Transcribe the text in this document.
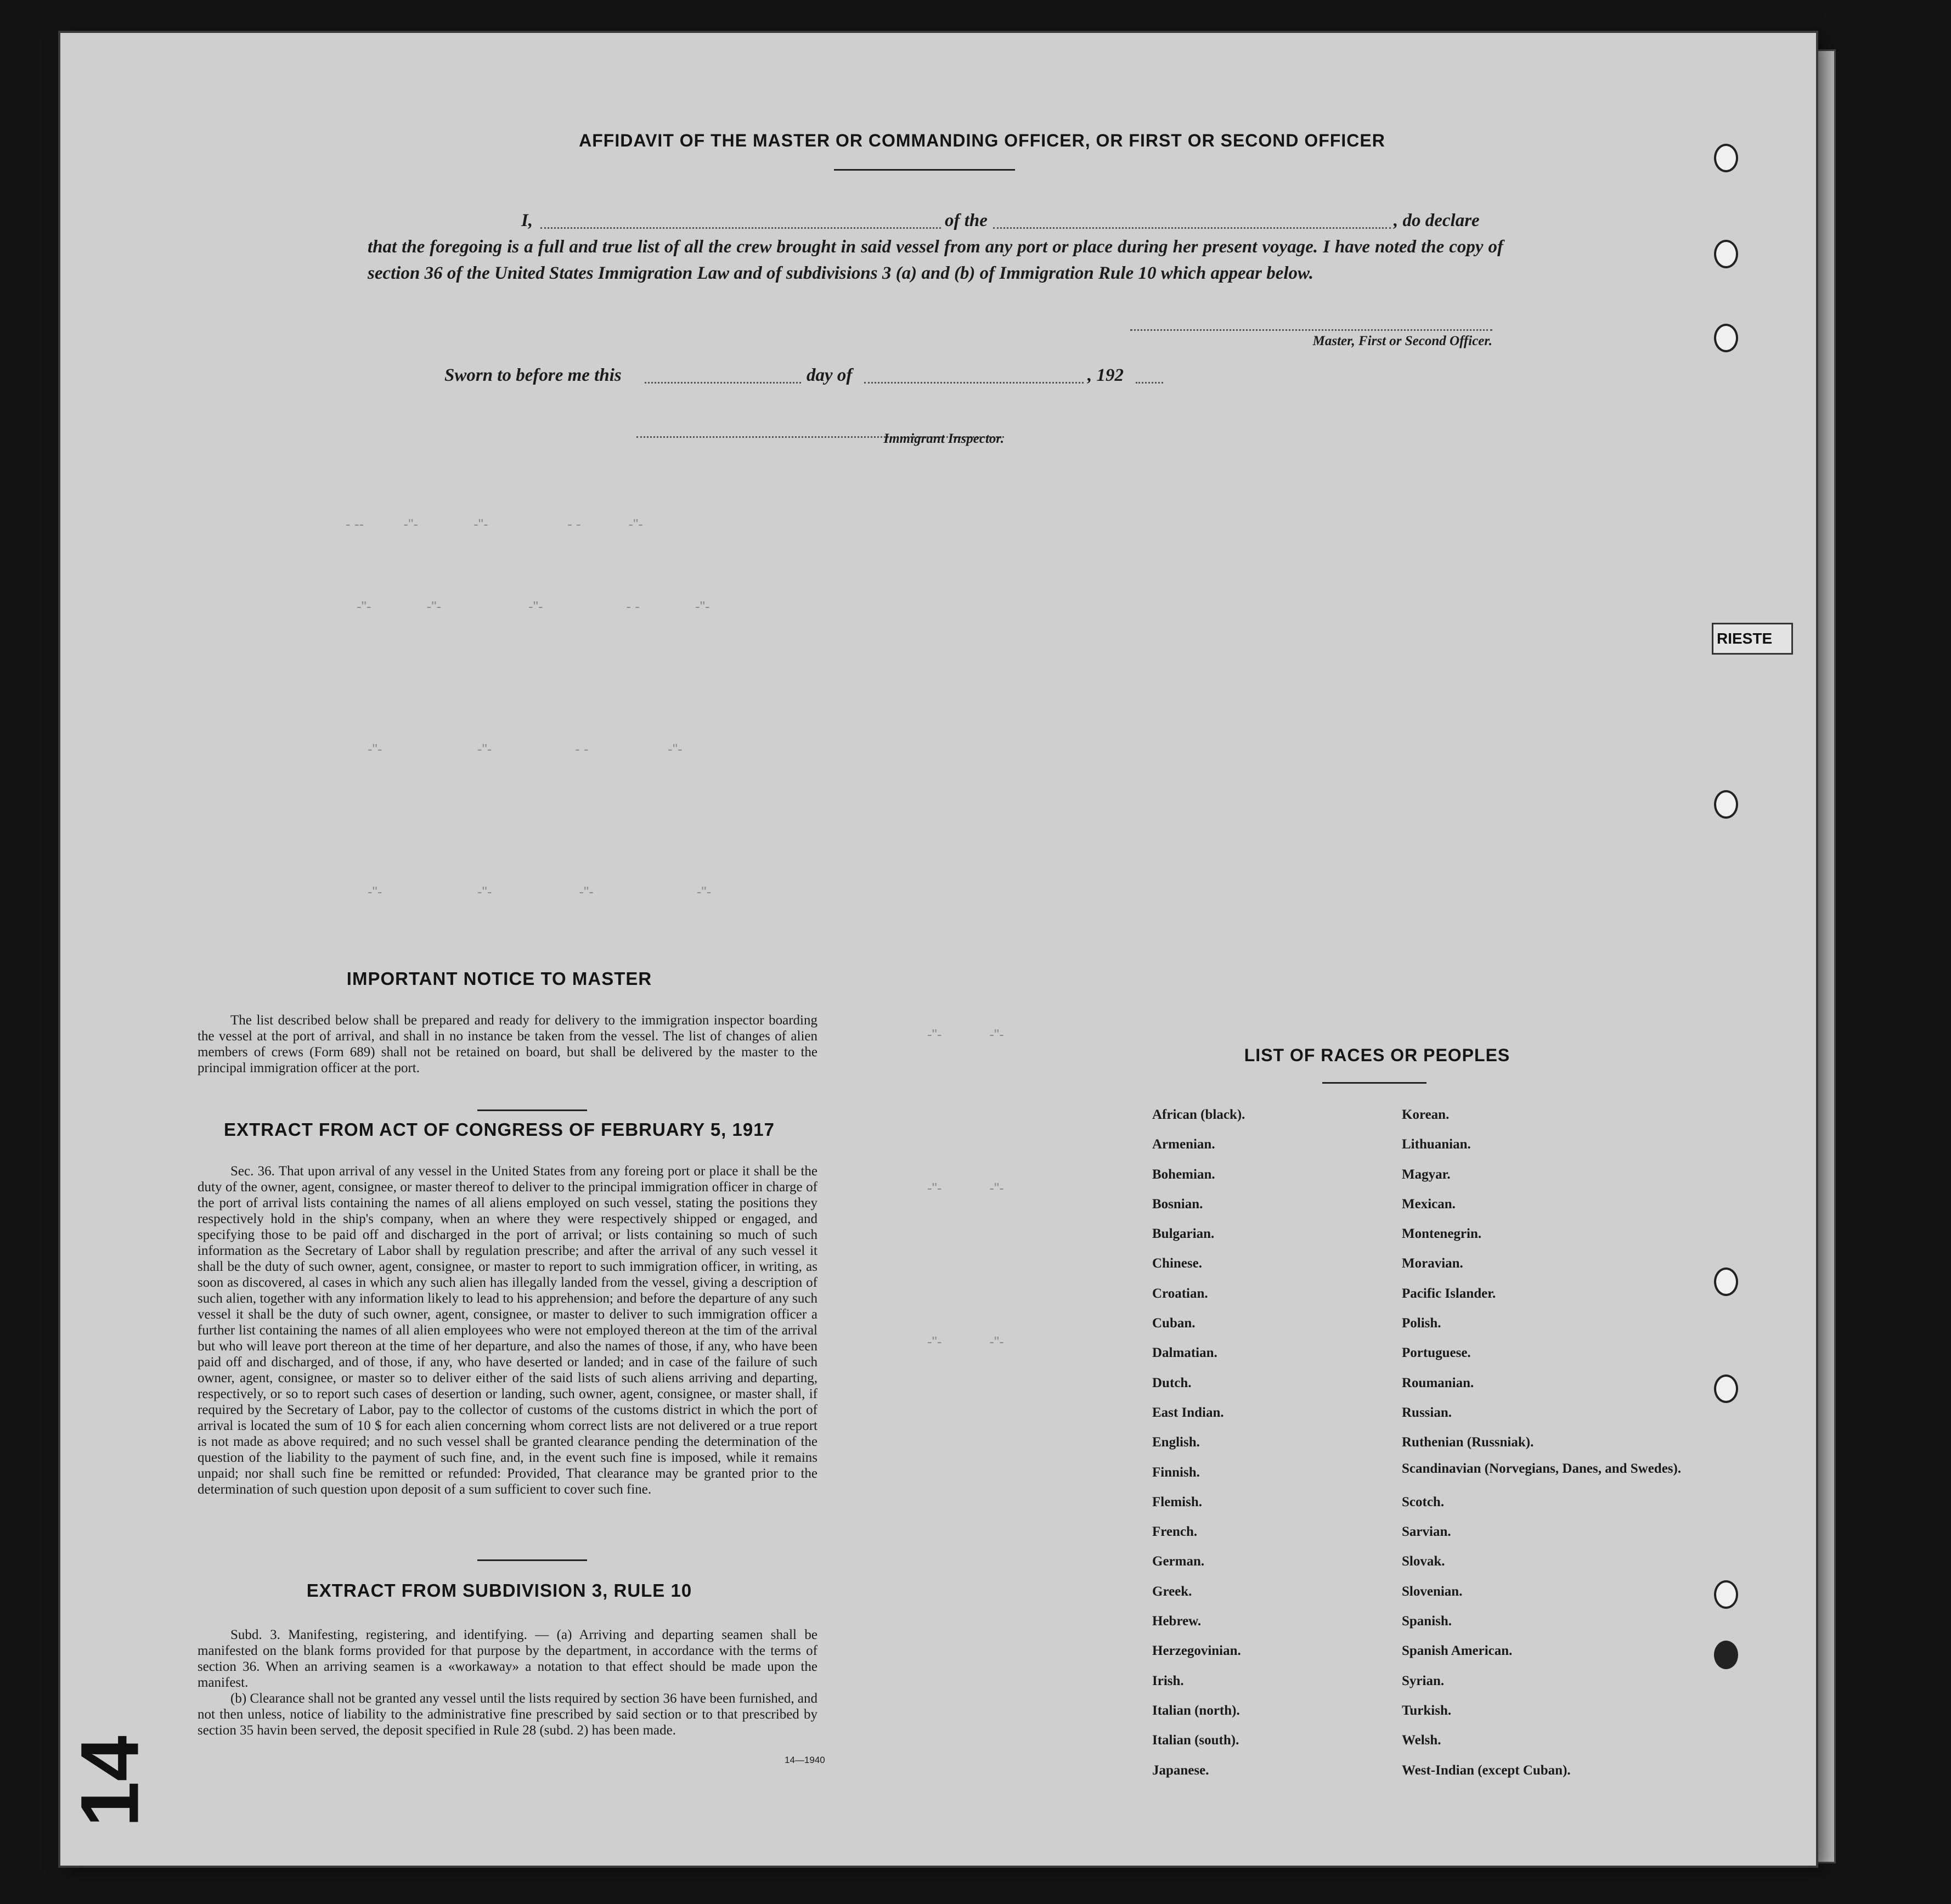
- --          -"-              -"-                    - -            -"-
-"-              -"-                      -"-                     - -              -"-
-"-                        -"-                     - -                    -"-
-"-                        -"-                      -"-                          -"-
-"-            -"-
-"-            -"-
-"-            -"-
AFFIDAVIT OF THE MASTER OR COMMANDING OFFICER, OR FIRST OR SECOND OFFICER
I,	of the	, do declare
that the foregoing is a full and true list of all the crew brought in said vessel from any port or place during her present voyage. I have noted the copy of section 36 of the United States Immigration Law and of subdivisions 3 (a) and (b) of Immigration Rule 10 which appear below.
Master, First or Second Officer.
Sworn to before me this	day of	, 192
Immigrant Inspector.
IMPORTANT NOTICE TO MASTER
The list described below shall be prepared and ready for delivery to the immigration inspector boarding the vessel at the port of arrival, and shall in no instance be taken from the vessel. The list of changes of alien members of crews (Form 689) shall not be retained on board, but shall be delivered by the master to the principal immigration officer at the port.
EXTRACT FROM ACT OF CONGRESS OF FEBRUARY 5, 1917
Sec. 36. That upon arrival of any vessel in the United States from any foreing port or place it shall be the duty of the owner, agent, consignee, or master thereof to deliver to the principal immigration officer in charge of the port of arrival lists containing the names of all aliens employed on such vessel, stating the positions they respectively hold in the ship's company, when an where they were respectively shipped or engaged, and specifying those to be paid off and discharged in the port of arrival; or lists containing so much of such information as the Secretary of Labor shall by regulation prescribe; and after the arrival of any such vessel it shall be the duty of such owner, agent, consignee, or master to report to such immigration officer, in writing, as soon as discovered, al cases in which any such alien has illegally landed from the vessel, giving a description of such alien, together with any information likely to lead to his apprehension; and before the departure of any such vessel it shall be the duty of such owner, agent, consignee, or master to deliver to such immigration officer a further list containing the names of all alien employees who were not employed thereon at the tim of the arrival but who will leave port thereon at the time of her departure, and also the names of those, if any, who have been paid off and discharged, and of those, if any, who have deserted or landed; and in case of the failure of such owner, agent, consignee, or master so to deliver either of the said lists of such aliens arriving and departing, respectively, or so to report such cases of desertion or landing, such owner, agent, consignee, or master shall, if required by the Secretary of Labor, pay to the collector of customs of the customs district in which the port of arrival is located the sum of 10 $ for each alien concerning whom correct lists are not delivered or a true report is not made as above required; and no such vessel shall be granted clearance pending the determination of the question of the liability to the payment of such fine, and, in the event such fine is imposed, while it remains unpaid; nor shall such fine be remitted or refunded: Provided, That clearance may be granted prior to the determination of such question upon deposit of a sum sufficient to cover such fine.
EXTRACT FROM SUBDIVISION 3, RULE 10
Subd. 3. Manifesting, registering, and identifying. — (a) Arriving and departing seamen shall be manifested on the blank forms provided for that purpose by the department, in accordance with the terms of section 36. When an arriving seamen is a «workaway» a notation to that effect should be made upon the manifest.
(b) Clearance shall not be granted any vessel until the lists required by section 36 have been furnished, and not then unless, notice of liability to the administrative fine prescribed by said section or to that prescribed by section 35 havin been served, the deposit specified in Rule 28 (subd. 2) has been made.
14—1940
LIST OF RACES OR PEOPLES
African (black).
Armenian.
Bohemian.
Bosnian.
Bulgarian.
Chinese.
Croatian.
Cuban.
Dalmatian.
Dutch.
East Indian.
English.
Finnish.
Flemish.
French.
German.
Greek.
Hebrew.
Herzegovinian.
Irish.
Italian (north).
Italian (south).
Japanese.
Korean.
Lithuanian.
Magyar.
Mexican.
Montenegrin.
Moravian.
Pacific Islander.
Polish.
Portuguese.
Roumanian.
Russian.
Ruthenian (Russniak).
Scandinavian (Norvegians, Danes, and Swedes).
Scotch.
Sarvian.
Slovak.
Slovenian.
Spanish.
Spanish American.
Syrian.
Turkish.
Welsh.
West-Indian (except Cuban).
14
RIESTE
